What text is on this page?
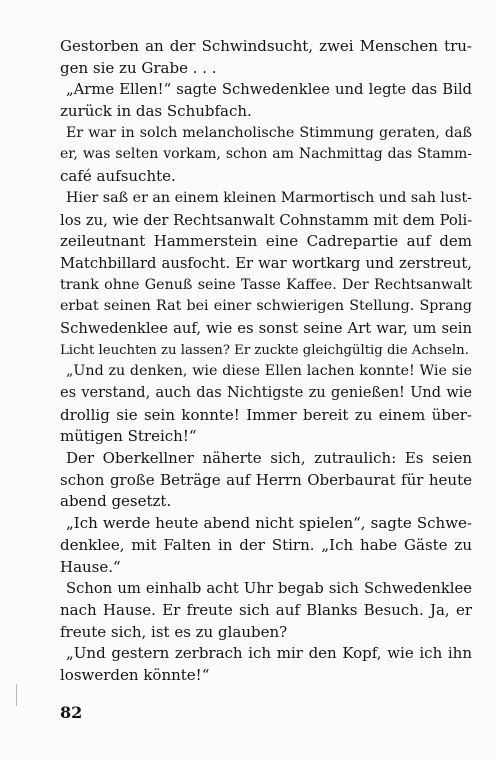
Gestorben an der Schwindsucht, zwei Menschen tru-
gen sie zu Grabe . . .
„Arme Ellen!“ sagte Schwedenklee und legte das Bild
zurück in das Schubfach.
Er war in solch melancholische Stimmung geraten, daß
er, was selten vorkam, schon am Nachmittag das Stamm-
café aufsuchte.
Hier saß er an einem kleinen Marmortisch und sah lust-
los zu, wie der Rechtsanwalt Cohnstamm mit dem Poli-
zeileutnant Hammerstein eine Cadrepartie auf dem
Matchbillard ausfocht. Er war wortkarg und zerstreut,
trank ohne Genuß seine Tasse Kaffee. Der Rechtsanwalt
erbat seinen Rat bei einer schwierigen Stellung. Sprang
Schwedenklee auf, wie es sonst seine Art war, um sein
Licht leuchten zu lassen? Er zuckte gleichgültig die Achseln.
„Und zu denken, wie diese Ellen lachen konnte! Wie sie
es verstand, auch das Nichtigste zu genießen! Und wie
drollig sie sein konnte! Immer bereit zu einem über-
mütigen Streich!“
Der Oberkellner näherte sich, zutraulich: Es seien
schon große Beträge auf Herrn Oberbaurat für heute
abend gesetzt.
„Ich werde heute abend nicht spielen“, sagte Schwe-
denklee, mit Falten in der Stirn. „Ich habe Gäste zu
Hause.“
Schon um einhalb acht Uhr begab sich Schwedenklee
nach Hause. Er freute sich auf Blanks Besuch. Ja, er
freute sich, ist es zu glauben?
„Und gestern zerbrach ich mir den Kopf, wie ich ihn
loswerden könnte!“
82
